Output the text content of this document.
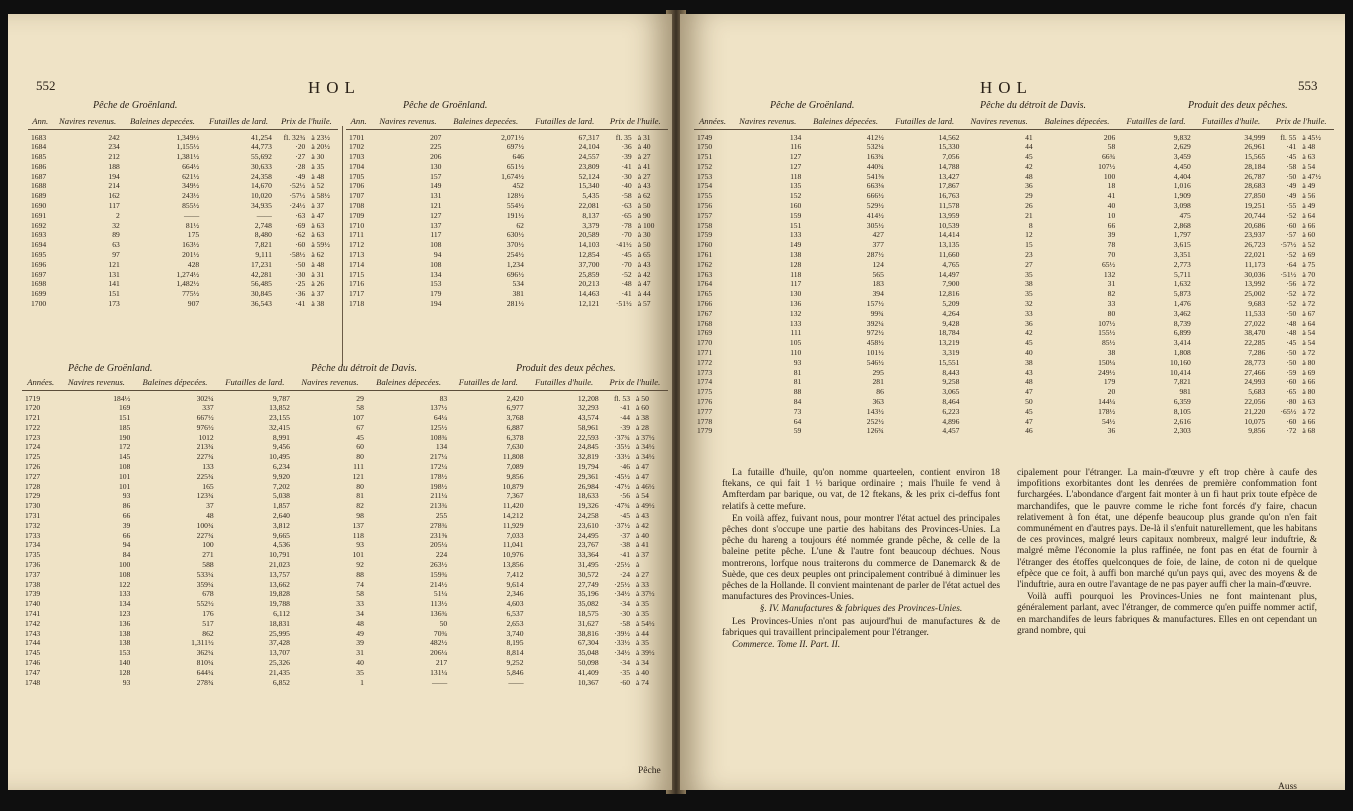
552	HOL
Pêche de Groënland.	Pêche de Groënland.
Ann.	Navires revenus.	Baleines depecées.	Futailles de lard.	Prix de l'huile.	
1683	242	1,349½	41,254	fl. 32¾	à 23½
1684	234	1,155½	44,773	·20	à 20½
1685	212	1,381½	55,692	·27	à 30
1686	188	664½	30,633	·28	à 35
1687	194	621½	24,358	·49	à 48
1688	214	349½	14,670	·52½	à 52
1689	162	243½	10,020	·57½	à 58½
1690	117	855½	34,935	·24½	à 37
1691	2	——	——	·63	à 47
1692	32	81½	2,748	·69	à 63
1693	89	175	8,480	·62	à 63
1694	63	163½	7,821	·60	à 59½
1695	97	201½	9,111	·58½	à 62
1696	121	428	17,231	·50	à 48
1697	131	1,274½	42,281	·30	à 31
1698	141	1,482½	56,485	·25	à 26
1699	151	775½	30,845	·36	à 37
1700	173	907	36,543	·41	à 38
Ann.	Navires revenus.	Baleines depecées.	Futailles de lard.	Prix de l'huile.	
1701	207	2,071½	67,317	fl. 35	à 31
1702	225	697½	24,104	·36	à 40
1703	206	646	24,557	·39	à 27
1704	130	651½	23,809	·41	à 41
1705	157	1,674½	52,124	·30	à 27
1706	149	452	15,340	·40	à 43
1707	131	128½	5,435	·58	à 62
1708	121	554½	22,081	·63	à 50
1709	127	191½	8,137	·65	à 90
1710	137	62	3,379	·78	à 100
1711	117	630½	20,589	·70	à 30
1712	108	370½	14,103	·41½	à 50
1713	94	254½	12,854	·45	à 65
1714	108	1,234	37,700	·70	à 43
1715	134	696½	25,859	·52	à 42
1716	153	534	20,213	·48	à 47
1717	179	381	14,463	·41	à 44
1718	194	281½	12,121	·51½	à 57
Pêche de Groënland.	Pêche du détroit de Davis.	Produit des deux pêches.
Années.	Navires revenus.	Baleines dépecées.	Futailles de lard.	Navires revenus.	Baleines dépecées.	Futailles de lard.	Futailles d'huile.	Prix de l'huile.	
1719	184½	302¼	9,787	29	83	2,420	12,208	fl. 53	à 50
1720	169	337	13,852	58	137½	6,977	32,293	·41	à 60
1721	151	667½	23,155	107	64¼	3,768	43,574	·44	à 38
1722	185	976½	32,415	67	125½	6,887	58,961	·39	à 28
1723	190	1012	8,991	45	108¾	6,378	22,593	·37¾	à 37½
1724	172	213¾	9,456	60	134	7,630	24,845	·35½	à 34½
1725	145	227¾	10,495	80	217¼	11,808	32,819	·33½	à 34½
1726	108	133	6,234	111	172¼	7,089	19,794	·46	à 47
1727	101	225¾	9,920	121	178½	9,856	29,361	·45½	à 47
1728	101	165	7,202	80	198½	10,879	26,984	·47½	à 46½
1729	93	123¾	5,038	81	211¼	7,367	18,633	·56	à 54
1730	86	37	1,857	82	213¾	11,420	19,326	·47¾	à 49½
1731	66	48	2,640	98	255	14,212	24,258	·45	à 43
1732	39	100¾	3,812	137	278¾	11,929	23,610	·37½	à 42
1733	66	227¾	9,665	118	231⅜	7,033	24,495	·37	à 40
1734	94	100	4,536	93	205¼	11,041	23,767	·38	à 41
1735	84	271	10,791	101	224	10,976	33,364	·41	à 37
1736	100	588	21,023	92	263½	13,856	31,495	·25½	à
1737	108	533¼	13,757	88	159¾	7,412	30,572	·24	à 27
1738	122	359¼	13,662	74	214½	9,614	27,749	·25½	à 33
1739	133	678	19,828	58	51¼	2,346	35,196	·34½	à 37½
1740	134	552½	19,788	33	113½	4,603	35,082	·34	à 35
1741	123	176	6,112	34	136¾	6,537	18,575	·30	à 35
1742	136	517	18,831	48	50	2,653	31,627	·58	à 54½
1743	138	862	25,995	49	70¾	3,740	38,816	·39½	à 44
1744	138	1,311½	37,428	39	482½	8,195	67,304	·33½	à 35
1745	153	362¼	13,707	31	206¼	8,814	35,048	·34½	à 39½
1746	140	810¼	25,326	40	217	9,252	50,098	·34	à 34
1747	128	644¼	21,435	35	131¼	5,846	41,409	·35	à 40
1748	93	278¾	6,852	1	——	——	10,367	·60	à 74
Pêche
HOL	553
Pêche de Groënland.	Pêche du détroit de Davis.	Produit des deux pêches.
Années.	Navires revenus.	Baleines dépecées.	Futailles de lard.	Navires revenus.	Baleines dépecées.	Futailles de lard.	Futailles d'huile.	Prix de l'huile.	
1749	134	412½	14,562	41	206	9,832	34,999	fl. 55	à 45½
1750	116	532¼	15,330	44	58	2,629	26,961	·41	à 48
1751	127	163¾	7,056	45	66¾	3,459	15,565	·45	à 63
1752	127	440¾	14,788	42	107½	4,450	28,184	·58	à 54
1753	118	541⅜	13,427	48	100	4,404	26,787	·50	à 47½
1754	135	663⅛	17,867	36	18	1,016	28,683	·49	à 49
1755	152	666½	16,763	29	41	1,909	27,850	·49	à 56
1756	160	529½	11,578	26	40	3,098	19,251	·55	à 49
1757	159	414½	13,959	21	10	475	20,744	·52	à 64
1758	151	305½	10,539	8	66	2,868	20,686	·60	à 66
1759	133	427	14,414	12	39	1,797	23,937	·57	à 60
1760	149	377	13,135	15	78	3,615	26,723	·57½	à 52
1761	138	287½	11,660	23	70	3,351	22,021	·52	à 69
1762	128	124	4,765	27	65½	2,773	11,173	·64	à 75
1763	118	565	14,497	35	132	5,711	30,036	·51½	à 70
1764	117	183	7,900	38	31	1,632	13,992	·56	à 72
1765	130	394	12,816	35	82	5,873	25,002	·52	à 72
1766	136	157½	5,209	32	33	1,476	9,683	·52	à 72
1767	132	99¾	4,264	33	80	3,462	11,533	·50	à 67
1768	133	392¼	9,428	36	107½	8,739	27,022	·48	à 64
1769	111	972½	18,784	42	155½	6,899	38,470	·48	à 54
1770	105	458½	13,219	45	85½	3,414	22,285	·45	à 54
1771	110	101½	3,319	40	38	1,808	7,286	·50	à 72
1772	93	546½	15,551	38	150¼	10,160	28,773	·50	à 80
1773	81	295	8,443	43	249½	10,414	27,466	·59	à 69
1774	81	281	9,258	48	179	7,821	24,993	·60	à 66
1775	88	86	3,065	47	20	981	5,683	·65	à 80
1776	84	363	8,464	50	144¼	6,359	22,056	·80	à 63
1777	73	143½	6,223	45	178½	8,105	21,220	·65½	à 72
1778	64	252½	4,896	47	54½	2,616	10,075	·60	à 66
1779	59	126¾	4,457	46	36	2,303	9,856	·72	à 68

La futaille d'huile, qu'on nomme quarteelen, contient environ 18 ftekans, ce qui fait 1 ½ barique ordinaire ; mais l'huile fe vend à Amfterdam par barique, ou vat, de 12 ftekans, & les prix ci-deffus font relatifs à cette mefure.

En voilà affez, fuivant nous, pour montrer l'état actuel des principales pêches dont s'occupe une partie des habitans des Provinces-Unies. La pêche du hareng a toujours été nommée grande pêche, & celle de la baleine petite pêche. L'une & l'autre font beaucoup déchues. Nous montrerons, lorfque nous traiterons du commerce de Danemarck & de Suède, que ces deux peuples ont principalement contribué à diminuer les pêches de la Hollande. Il convient maintenant de parler de l'état actuel des manufactures des Provinces-Unies.

§. IV. Manufactures & fabriques des Provinces-Unies.

Les Provinces-Unies n'ont pas aujourd'hui de manufactures & de fabriques qui travaillent principalement pour l'étranger.

Commerce. Tome II. Part. II.

cipalement pour l'étranger. La main-d'œuvre y eft trop chère à caufe des impofitions exorbitantes dont les denrées de première confommation font furchargées. L'abondance d'argent fait monter à un fi haut prix toute efpèce de marchandifes, que le pauvre comme le riche font forcés d'y faire, chacun relativement à fon état, une dépenfe beaucoup plus grande qu'on n'en fait communément en d'autres pays. De-là il s'enfuit naturellement, que les habitans de ces provinces, malgré leurs capitaux nombreux, malgré leur induftrie, & malgré même l'économie la plus raffinée, ne font pas en état de fournir à l'étranger des étoffes quelconques de foie, de laine, de coton ni de quelque efpèce que ce foit, à auffi bon marché qu'un pays qui, avec des moyens & de l'induftrie, aura en outre l'avantage de ne pas payer auffi cher la main-d'œuvre.

Voilà auffi pourquoi les Provinces-Unies ne font maintenant plus, généralement parlant, avec l'étranger, de commerce qu'en puiffe nommer actif, en marchandifes de leurs fabriques & manufactures. Elles en ont cependant un grand nombre, qui

Auss
